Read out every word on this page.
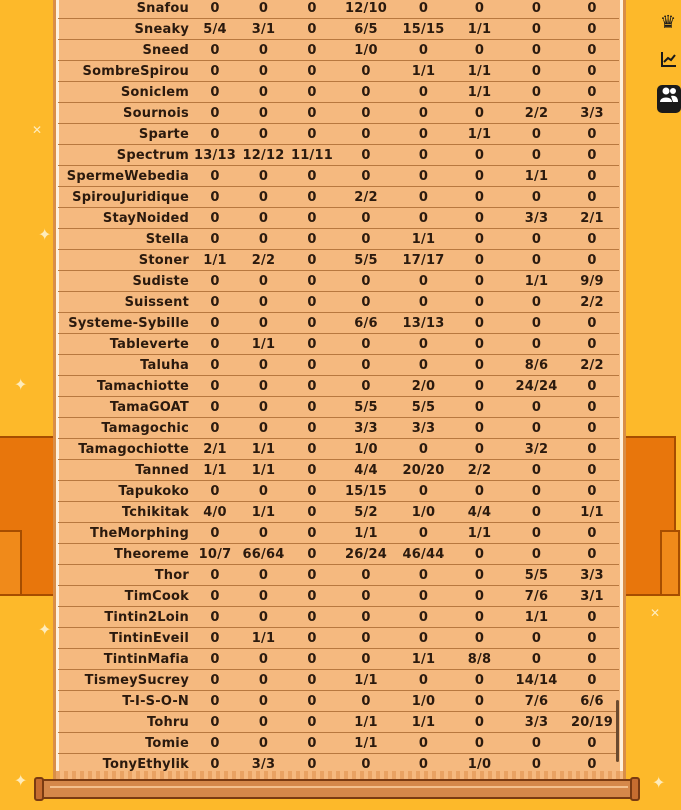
✕
✦
✦
✦
✦
✕
✦
Snafou	0	0	0	12/10	0	0	0	0
Sneaky	5/4	3/1	0	6/5	15/15	1/1	0	0
Sneed	0	0	0	1/0	0	0	0	0
SombreSpirou	0	0	0	0	1/1	1/1	0	0
Soniclem	0	0	0	0	0	1/1	0	0
Sournois	0	0	0	0	0	0	2/2	3/3
Sparte	0	0	0	0	0	1/1	0	0
Spectrum	13/13	12/12	11/11	0	0	0	0	0
SpermeWebedia	0	0	0	0	0	0	1/1	0
SpirouJuridique	0	0	0	2/2	0	0	0	0
StayNoided	0	0	0	0	0	0	3/3	2/1
Stella	0	0	0	0	1/1	0	0	0
Stoner	1/1	2/2	0	5/5	17/17	0	0	0
Sudiste	0	0	0	0	0	0	1/1	9/9
Suissent	0	0	0	0	0	0	0	2/2
Systeme-Sybille	0	0	0	6/6	13/13	0	0	0
Tableverte	0	1/1	0	0	0	0	0	0
Taluha	0	0	0	0	0	0	8/6	2/2
Tamachiotte	0	0	0	0	2/0	0	24/24	0
TamaGOAT	0	0	0	5/5	5/5	0	0	0
Tamagochic	0	0	0	3/3	3/3	0	0	0
Tamagochiotte	2/1	1/1	0	1/0	0	0	3/2	0
Tanned	1/1	1/1	0	4/4	20/20	2/2	0	0
Tapukoko	0	0	0	15/15	0	0	0	0
Tchikitak	4/0	1/1	0	5/2	1/0	4/4	0	1/1
TheMorphing	0	0	0	1/1	0	1/1	0	0
Theoreme	10/7	66/64	0	26/24	46/44	0	0	0
Thor	0	0	0	0	0	0	5/5	3/3
TimCook	0	0	0	0	0	0	7/6	3/1
Tintin2Loin	0	0	0	0	0	0	1/1	0
TintinEveil	0	1/1	0	0	0	0	0	0
TintinMafia	0	0	0	0	1/1	8/8	0	0
TismeySucrey	0	0	0	1/1	0	0	14/14	0
T-I-S-O-N	0	0	0	0	1/0	0	7/6	6/6
Tohru	0	0	0	1/1	1/1	0	3/3	20/19
Tomie	0	0	0	1/1	0	0	0	0
TonyEthylik	0	3/3	0	0	0	1/0	0	0
♛
